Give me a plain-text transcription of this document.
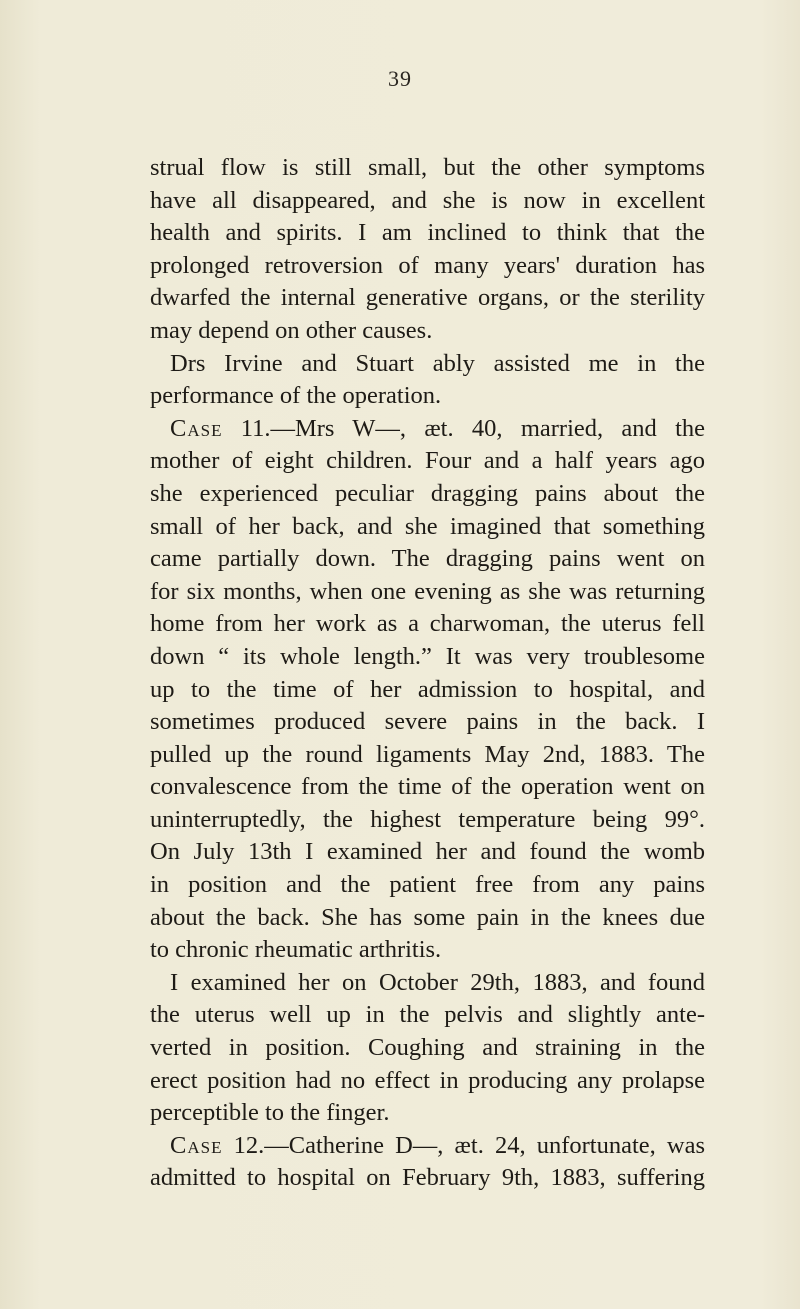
39
strual flow is still small, but the other symptoms
have all disappeared, and she is now in excellent
health and spirits. I am inclined to think that the
prolonged retroversion of many years' duration has
dwarfed the internal generative organs, or the sterility
may depend on other causes.
Drs Irvine and Stuart ably assisted me in the
performance of the operation.
Case 11.—Mrs W—, æt. 40, married, and the
mother of eight children. Four and a half years ago
she experienced peculiar dragging pains about the
small of her back, and she imagined that something
came partially down. The dragging pains went on
for six months, when one evening as she was returning
home from her work as a charwoman, the uterus fell
down “ its whole length.” It was very troublesome
up to the time of her admission to hospital, and
sometimes produced severe pains in the back. I
pulled up the round ligaments May 2nd, 1883. The
convalescence from the time of the operation went on
uninterruptedly, the highest temperature being 99°.
On July 13th I examined her and found the womb
in position and the patient free from any pains
about the back. She has some pain in the knees due
to chronic rheumatic arthritis.
I examined her on October 29th, 1883, and found
the uterus well up in the pelvis and slightly ante-
verted in position. Coughing and straining in the
erect position had no effect in producing any prolapse
perceptible to the finger.
Case 12.—Catherine D—, æt. 24, unfortunate, was
admitted to hospital on February 9th, 1883, suffering
